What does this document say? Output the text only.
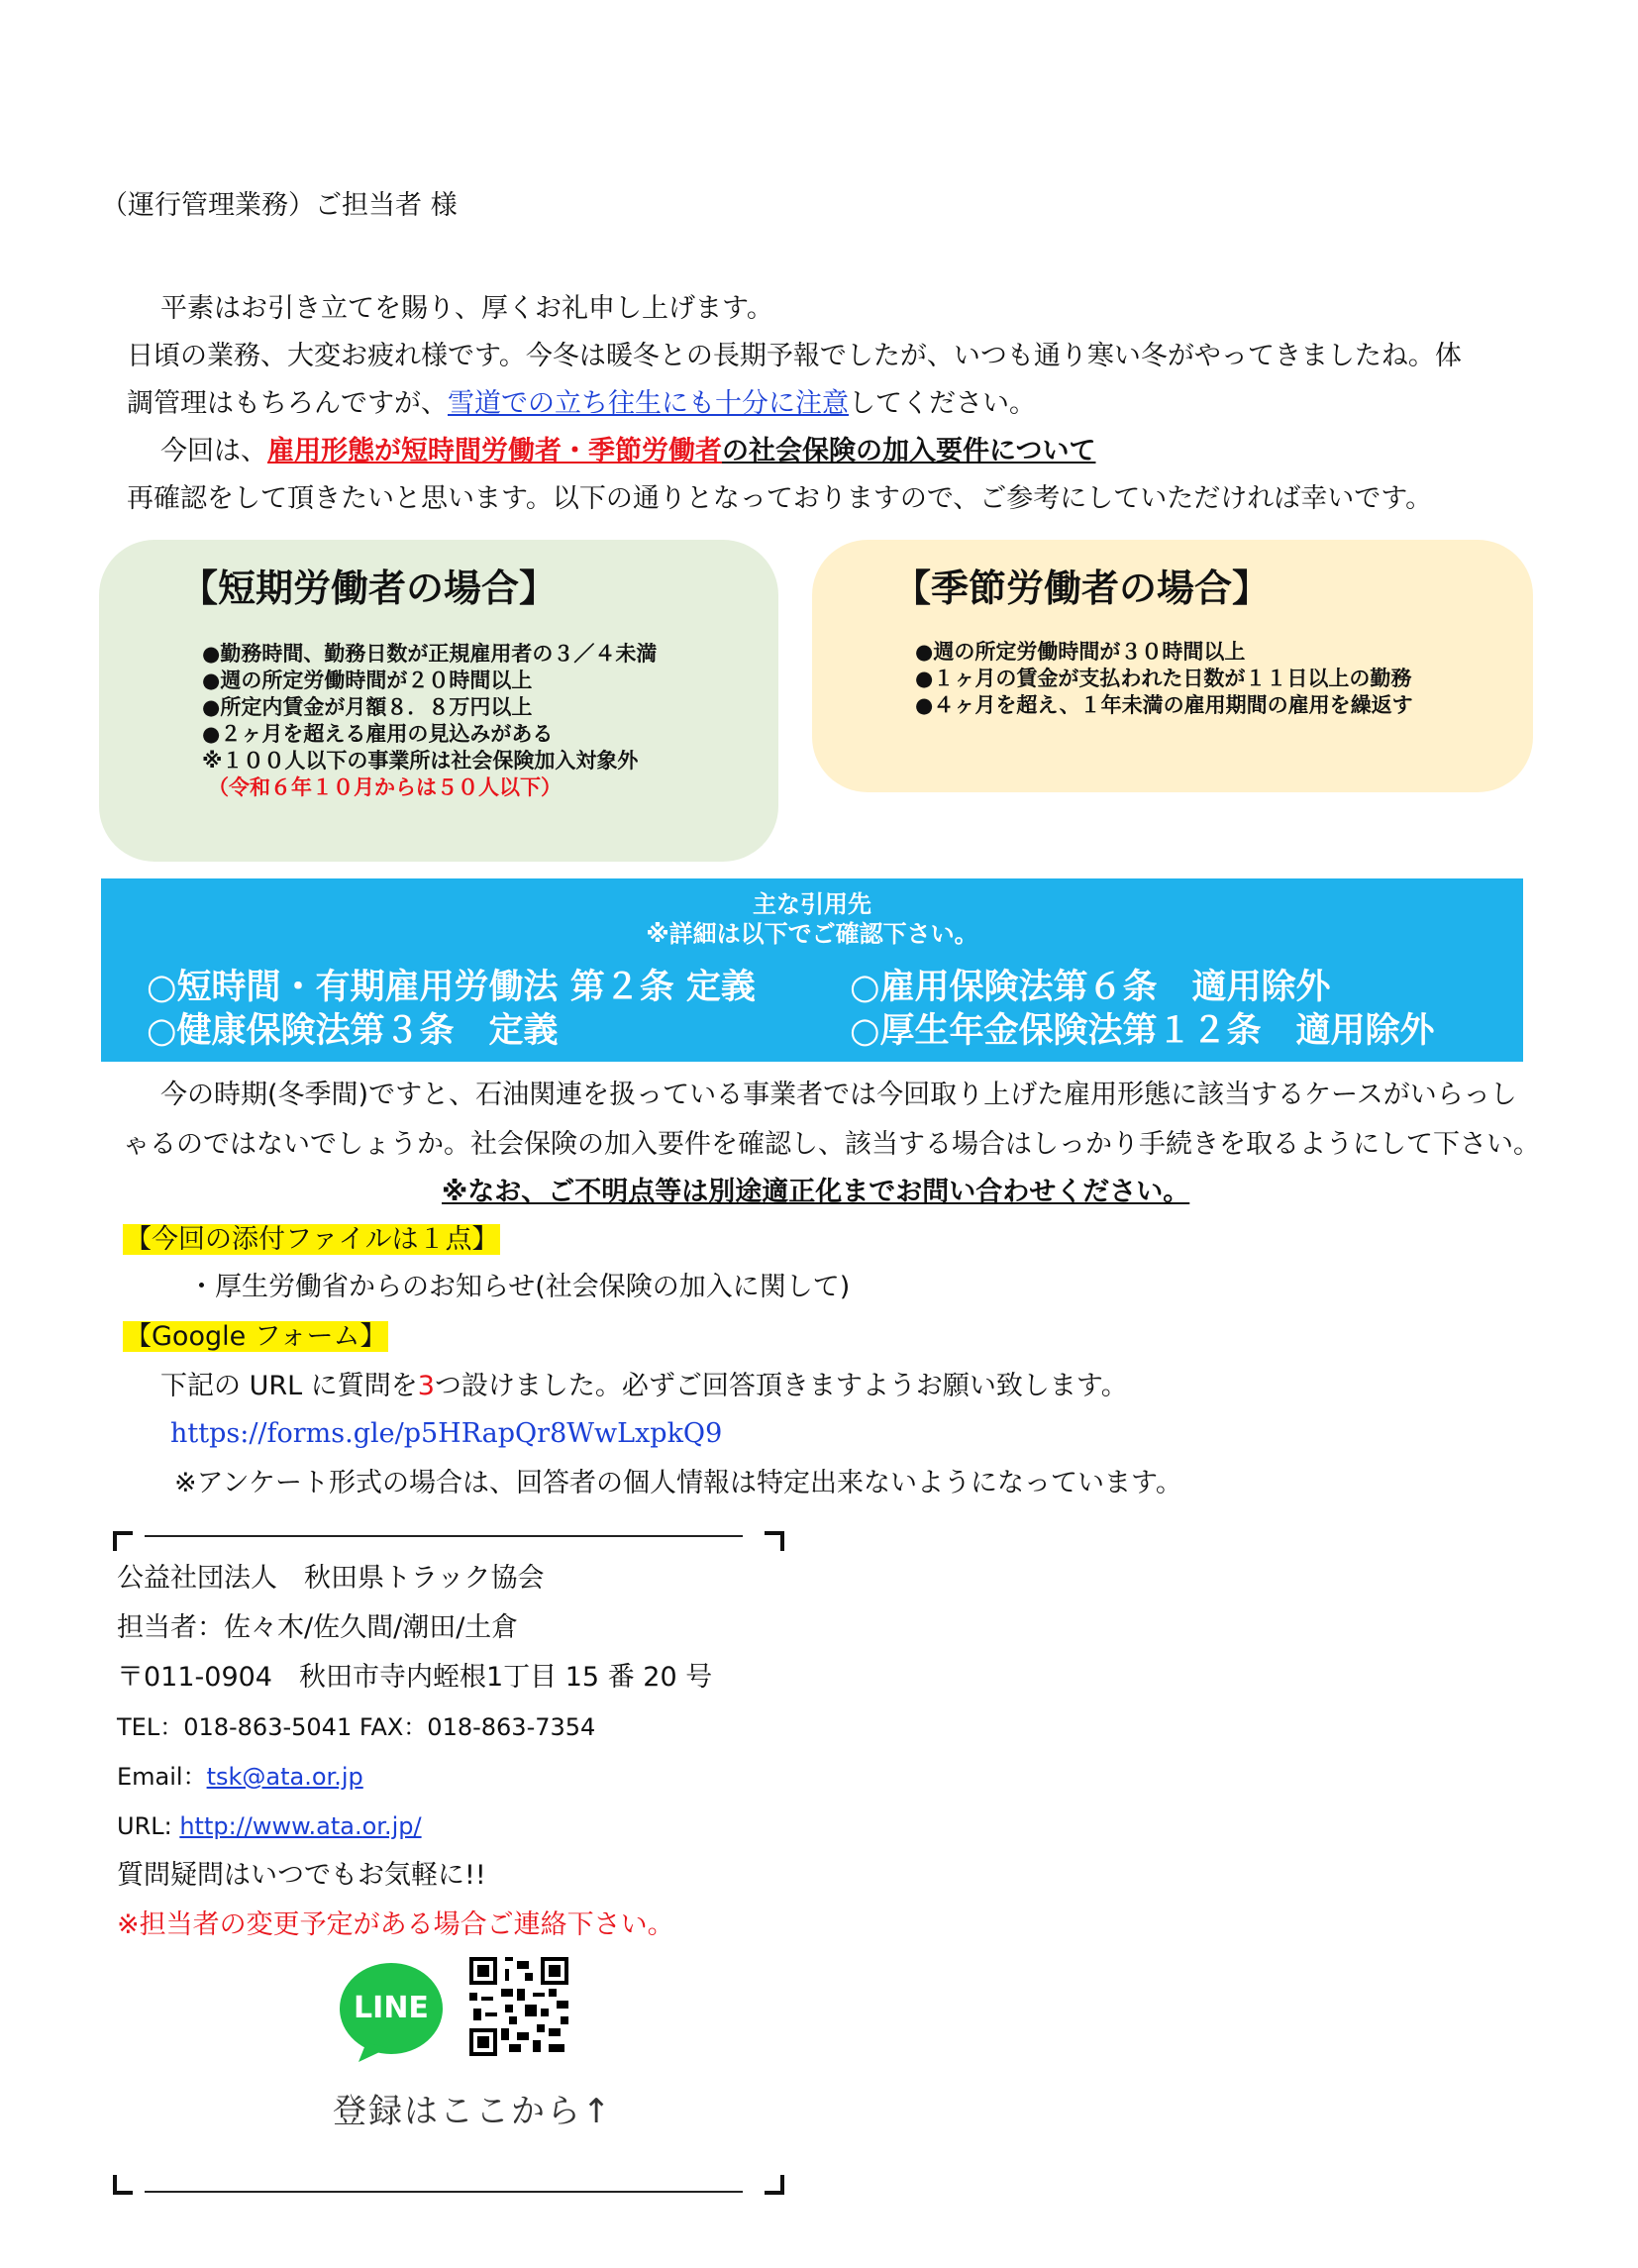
（運行管理業務）ご担当者 様
平素はお引き立てを賜り、厚くお礼申し上げます。
日頃の業務、大変お疲れ様です。今冬は暖冬との長期予報でしたが、いつも通り寒い冬がやってきましたね。体
調管理はもちろんですが、雪道での立ち往生にも十分に注意してください。
今回は、雇用形態が短時間労働者・季節労働者の社会保険の加入要件について
再確認をして頂きたいと思います。以下の通りとなっておりますので、ご参考にしていただければ幸いです。
【短期労働者の場合】
●勤務時間、勤務日数が正規雇用者の３／４未満
●週の所定労働時間が２０時間以上
●所定内賃金が月額８．８万円以上
●２ヶ月を超える雇用の見込みがある
※１００人以下の事業所は社会保険加入対象外
（令和６年１０月からは５０人以下）
【季節労働者の場合】
●週の所定労働時間が３０時間以上
●１ヶ月の賃金が支払われた日数が１１日以上の勤務
●４ヶ月を超え、１年未満の雇用期間の雇用を繰返す
主な引用先
※詳細は以下でご確認下さい。
○短時間・有期雇用労働法 第２条 定義	○雇用保険法第６条　適用除外
○健康保険法第３条　定義	○厚生年金保険法第１２条　適用除外
今の時期(冬季間)ですと、石油関連を扱っている事業者では今回取り上げた雇用形態に該当するケースがいらっし
ゃるのではないでしょうか。社会保険の加入要件を確認し、該当する場合はしっかり手続きを取るようにして下さい。
※なお、ご不明点等は別途適正化までお問い合わせください。
【今回の添付ファイルは１点】
・厚生労働省からのお知らせ(社会保険の加入に関して)
【Google フォーム】
下記の URL に質問を3つ設けました。必ずご回答頂きますようお願い致します。
https://forms.gle/p5HRapQr8WwLxpkQ9
※アンケート形式の場合は、回答者の個人情報は特定出来ないようになっています。
公益社団法人　秋田県トラック協会
担当者：佐々木/佐久間/潮田/土倉
〒011-0904　秋田市寺内蛭根1丁目 15 番 20 号
TEL：018-863-5041 FAX：018-863-7354
Email：tsk@ata.or.jp
URL: http://www.ata.or.jp/
質問疑問はいつでもお気軽に!!
※担当者の変更予定がある場合ご連絡下さい。
LINE
登録はここから↑
